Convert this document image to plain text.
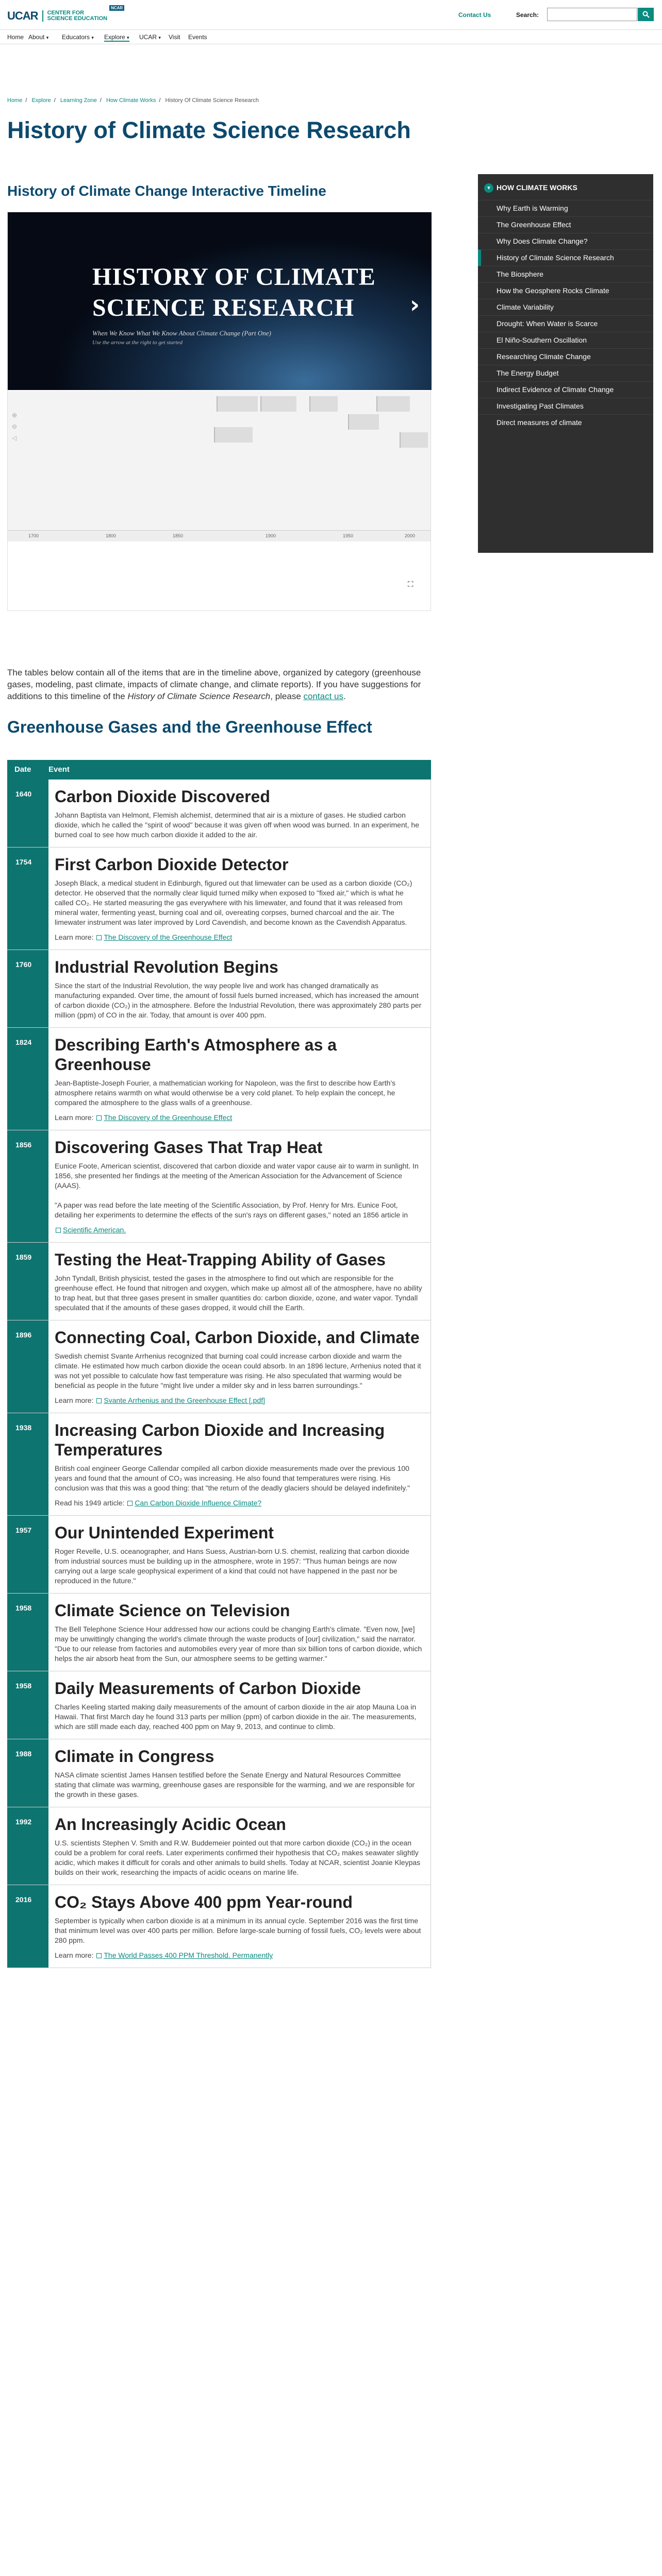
UCAR	CENTER FOR
SCIENCE EDUCATION
NCAR
Contact Us	Search:
Home About ▾ Educators ▾ Explore ▾ UCAR ▾ Visit Events
Home / Explore / Learning Zone / How Climate Works / History Of Climate Science Research
History of Climate Science Research
History of Climate Change Interactive Timeline
HISTORY OF CLIMATE
SCIENCE RESEARCH
When We Know What We Know About Climate Change (Part One)
Use the arrow at the right to get started
›
⊕
⊖
◁
1700	1800	1850	1900	1950	2000
⛶
▾ HOW CLIMATE WORKS
Why Earth is Warming
The Greenhouse Effect
Why Does Climate Change?
History of Climate Science Research
The Biosphere
How the Geosphere Rocks Climate
Climate Variability
Drought: When Water is Scarce
El Niño-Southern Oscillation
Researching Climate Change
The Energy Budget
Indirect Evidence of Climate Change
Investigating Past Climates
Direct measures of climate
The tables below contain all of the items that are in the timeline above, organized by category (greenhouse gases, modeling, past climate, impacts of climate change, and climate reports). If you have suggestions for additions to this timeline of the History of Climate Science Research, please contact us.
Greenhouse Gases and the Greenhouse Effect
Date	Event
1640	Carbon Dioxide Discovered
Johann Baptista van Helmont, Flemish alchemist, determined that air is a mixture of gases. He studied carbon dioxide, which he called the "spirit of wood" because it was given off when wood was burned. In an experiment, he burned coal to see how much carbon dioxide it added to the air.
1754	First Carbon Dioxide Detector
Joseph Black, a medical student in Edinburgh, figured out that limewater can be used as a carbon dioxide (CO₂) detector. He observed that the normally clear liquid turned milky when exposed to "fixed air," which is what he called CO₂. He started measuring the gas everywhere with his limewater, and found that it was released from mineral water, fermenting yeast, burning coal and oil, overeating corpses, burned charcoal and the air. The limewater instrument was later improved by Lord Cavendish, and become known as the Cavendish Apparatus.
Learn more: The Discovery of the Greenhouse Effect
1760	Industrial Revolution Begins
Since the start of the Industrial Revolution, the way people live and work has changed dramatically as manufacturing expanded. Over time, the amount of fossil fuels burned increased, which has increased the amount of carbon dioxide (CO₂) in the atmosphere. Before the Industrial Revolution, there was approximately 280 parts per million (ppm) of CO in the air. Today, that amount is over 400 ppm.
1824	Describing Earth's Atmosphere as a Greenhouse
Jean-Baptiste-Joseph Fourier, a mathematician working for Napoleon, was the first to describe how Earth's atmosphere retains warmth on what would otherwise be a very cold planet. To help explain the concept, he compared the atmosphere to the glass walls of a greenhouse.
Learn more: The Discovery of the Greenhouse Effect
1856	Discovering Gases That Trap Heat
Eunice Foote, American scientist, discovered that carbon dioxide and water vapor cause air to warm in sunlight. In 1856, she presented her findings at the meeting of the American Association for the Advancement of Science (AAAS).

"A paper was read before the late meeting of the Scientific Association, by Prof. Henry for Mrs. Eunice Foot, detailing her experiments to determine the effects of the sun's rays on different gases," noted an 1856 article in
Scientific American.
1859	Testing the Heat-Trapping Ability of Gases
John Tyndall, British physicist, tested the gases in the atmosphere to find out which are responsible for the greenhouse effect. He found that nitrogen and oxygen, which make up almost all of the atmosphere, have no ability to trap heat, but that three gases present in smaller quantities do: carbon dioxide, ozone, and water vapor. Tyndall speculated that if the amounts of these gases dropped, it would chill the Earth.
1896	Connecting Coal, Carbon Dioxide, and Climate
Swedish chemist Svante Arrhenius recognized that burning coal could increase carbon dioxide and warm the climate. He estimated how much carbon dioxide the ocean could absorb. In an 1896 lecture, Arrhenius noted that it was not yet possible to calculate how fast temperature was rising. He also speculated that warming would be beneficial as people in the future "might live under a milder sky and in less barren surroundings."
Learn more: Svante Arrhenius and the Greenhouse Effect [.pdf]
1938	Increasing Carbon Dioxide and Increasing Temperatures
British coal engineer George Callendar compiled all carbon dioxide measurements made over the previous 100 years and found that the amount of CO₂ was increasing. He also found that temperatures were rising. His conclusion was that this was a good thing: that "the return of the deadly glaciers should be delayed indefinitely."
Read his 1949 article: Can Carbon Dioxide Influence Climate?
1957	Our Unintended Experiment
Roger Revelle, U.S. oceanographer, and Hans Suess, Austrian-born U.S. chemist, realizing that carbon dioxide from industrial sources must be building up in the atmosphere, wrote in 1957: "Thus human beings are now carrying out a large scale geophysical experiment of a kind that could not have happened in the past nor be reproduced in the future."
1958	Climate Science on Television
The Bell Telephone Science Hour addressed how our actions could be changing Earth's climate. "Even now, [we] may be unwittingly changing the world's climate through the waste products of [our] civilization," said the narrator. "Due to our release from factories and automobiles every year of more than six billion tons of carbon dioxide, which helps the air absorb heat from the Sun, our atmosphere seems to be getting warmer."
1958	Daily Measurements of Carbon Dioxide
Charles Keeling started making daily measurements of the amount of carbon dioxide in the air atop Mauna Loa in Hawaii. That first March day he found 313 parts per million (ppm) of carbon dioxide in the air. The measurements, which are still made each day, reached 400 ppm on May 9, 2013, and continue to climb.
1988	Climate in Congress
NASA climate scientist James Hansen testified before the Senate Energy and Natural Resources Committee stating that climate was warming, greenhouse gases are responsible for the warming, and we are responsible for the growth in these gases.
1992	An Increasingly Acidic Ocean
U.S. scientists Stephen V. Smith and R.W. Buddemeier pointed out that more carbon dioxide (CO₂) in the ocean could be a problem for coral reefs. Later experiments confirmed their hypothesis that CO₂ makes seawater slightly acidic, which makes it difficult for corals and other animals to build shells. Today at NCAR, scientist Joanie Kleypas builds on their work, researching the impacts of acidic oceans on marine life.
2016	CO₂ Stays Above 400 ppm Year-round
September is typically when carbon dioxide is at a minimum in its annual cycle. September 2016 was the first time that minimum level was over 400 parts per million. Before large-scale burning of fossil fuels, CO₂ levels were about 280 ppm.
Learn more: The World Passes 400 PPM Threshold. Permanently
